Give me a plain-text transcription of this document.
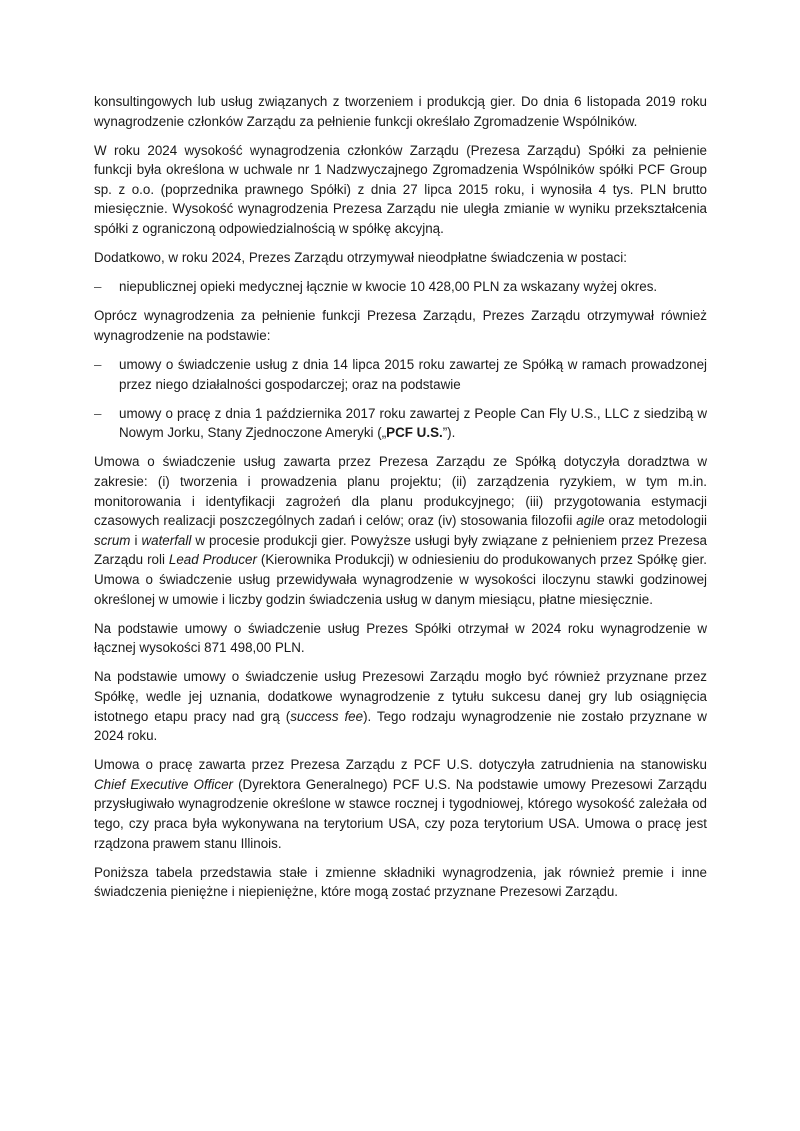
konsultingowych lub usług związanych z tworzeniem i produkcją gier. Do dnia 6 listopada 2019 roku wynagrodzenie członków Zarządu za pełnienie funkcji określało Zgromadzenie Wspólników.

W roku 2024 wysokość wynagrodzenia członków Zarządu (Prezesa Zarządu) Spółki za pełnienie funkcji była określona w uchwale nr 1 Nadzwyczajnego Zgromadzenia Wspólników spółki PCF Group sp. z o.o. (poprzednika prawnego Spółki) z dnia 27 lipca 2015 roku, i wynosiła 4 tys. PLN brutto miesięcznie. Wysokość wynagrodzenia Prezesa Zarządu nie uległa zmianie w wyniku przekształcenia spółki z ograniczoną odpowiedzialnością w spółkę akcyjną.

Dodatkowo, w roku 2024, Prezes Zarządu otrzymywał nieodpłatne świadczenia w postaci:

– niepublicznej opieki medycznej łącznie w kwocie 10 428,00 PLN za wskazany wyżej okres.

Oprócz wynagrodzenia za pełnienie funkcji Prezesa Zarządu, Prezes Zarządu otrzymywał również wynagrodzenie na podstawie:

– umowy o świadczenie usług z dnia 14 lipca 2015 roku zawartej ze Spółką w ramach prowadzonej przez niego działalności gospodarczej; oraz na podstawie
– umowy o pracę z dnia 1 października 2017 roku zawartej z People Can Fly U.S., LLC z siedzibą w Nowym Jorku, Stany Zjednoczone Ameryki („PCF U.S.”).

Umowa o świadczenie usług zawarta przez Prezesa Zarządu ze Spółką dotyczyła doradztwa w zakresie: (i) tworzenia i prowadzenia planu projektu; (ii) zarządzenia ryzykiem, w tym m.in. monitorowania i identyfikacji zagrożeń dla planu produkcyjnego; (iii) przygotowania estymacji czasowych realizacji poszczególnych zadań i celów; oraz (iv) stosowania filozofii agile oraz metodologii scrum i waterfall w procesie produkcji gier. Powyższe usługi były związane z pełnieniem przez Prezesa Zarządu roli Lead Producer (Kierownika Produkcji) w odniesieniu do produkowanych przez Spółkę gier. Umowa o świadczenie usług przewidywała wynagrodzenie w wysokości iloczynu stawki godzinowej określonej w umowie i liczby godzin świadczenia usług w danym miesiącu, płatne miesięcznie.

Na podstawie umowy o świadczenie usług Prezes Spółki otrzymał w 2024 roku wynagrodzenie w łącznej wysokości 871 498,00 PLN.

Na podstawie umowy o świadczenie usług Prezesowi Zarządu mogło być również przyznane przez Spółkę, wedle jej uznania, dodatkowe wynagrodzenie z tytułu sukcesu danej gry lub osiągnięcia istotnego etapu pracy nad grą (success fee). Tego rodzaju wynagrodzenie nie zostało przyznane w 2024 roku.

Umowa o pracę zawarta przez Prezesa Zarządu z PCF U.S. dotyczyła zatrudnienia na stanowisku Chief Executive Officer (Dyrektora Generalnego) PCF U.S. Na podstawie umowy Prezesowi Zarządu przysługiwało wynagrodzenie określone w stawce rocznej i tygodniowej, którego wysokość zależała od tego, czy praca była wykonywana na terytorium USA, czy poza terytorium USA. Umowa o pracę jest rządzona prawem stanu Illinois.

Poniższa tabela przedstawia stałe i zmienne składniki wynagrodzenia, jak również premie i inne świadczenia pieniężne i niepieniężne, które mogą zostać przyznane Prezesowi Zarządu.
